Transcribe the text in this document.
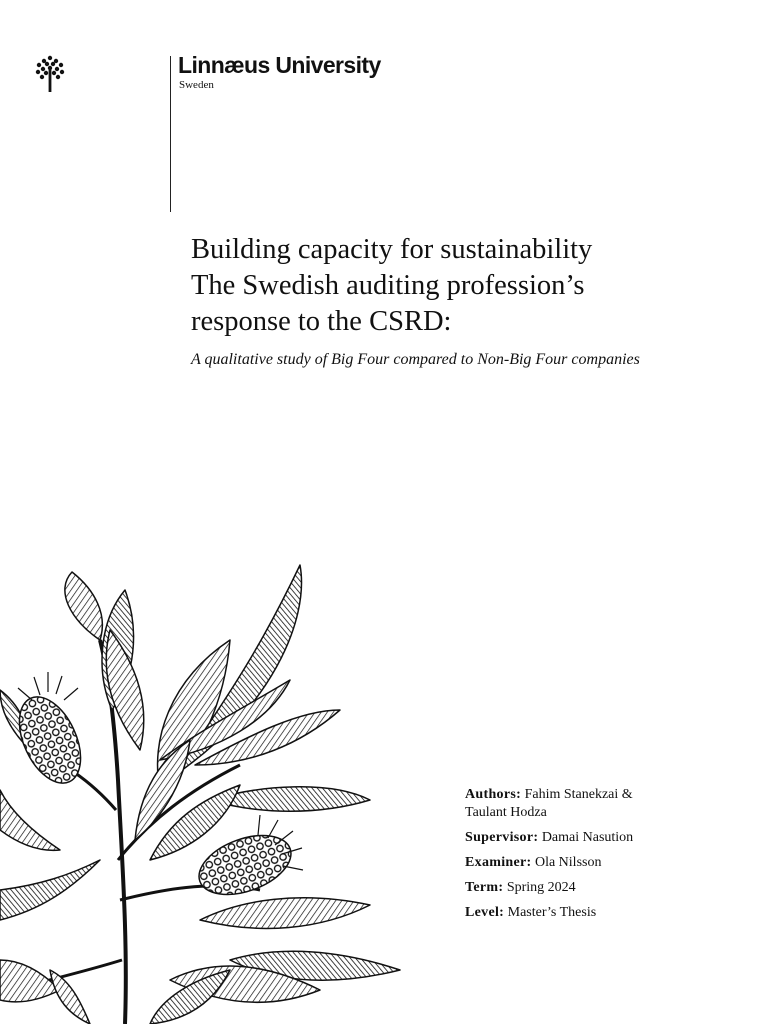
Linnæus University
Sweden
Building capacity for sustainability
The Swedish auditing profession’s
response to the CSRD:

A qualitative study of Big Four compared to Non-Big Four companies

Authors: Fahim Stanekzai & Taulant Hodza

Supervisor: Damai Nasution

Examiner: Ola Nilsson

Term: Spring 2024

Level: Master’s Thesis
